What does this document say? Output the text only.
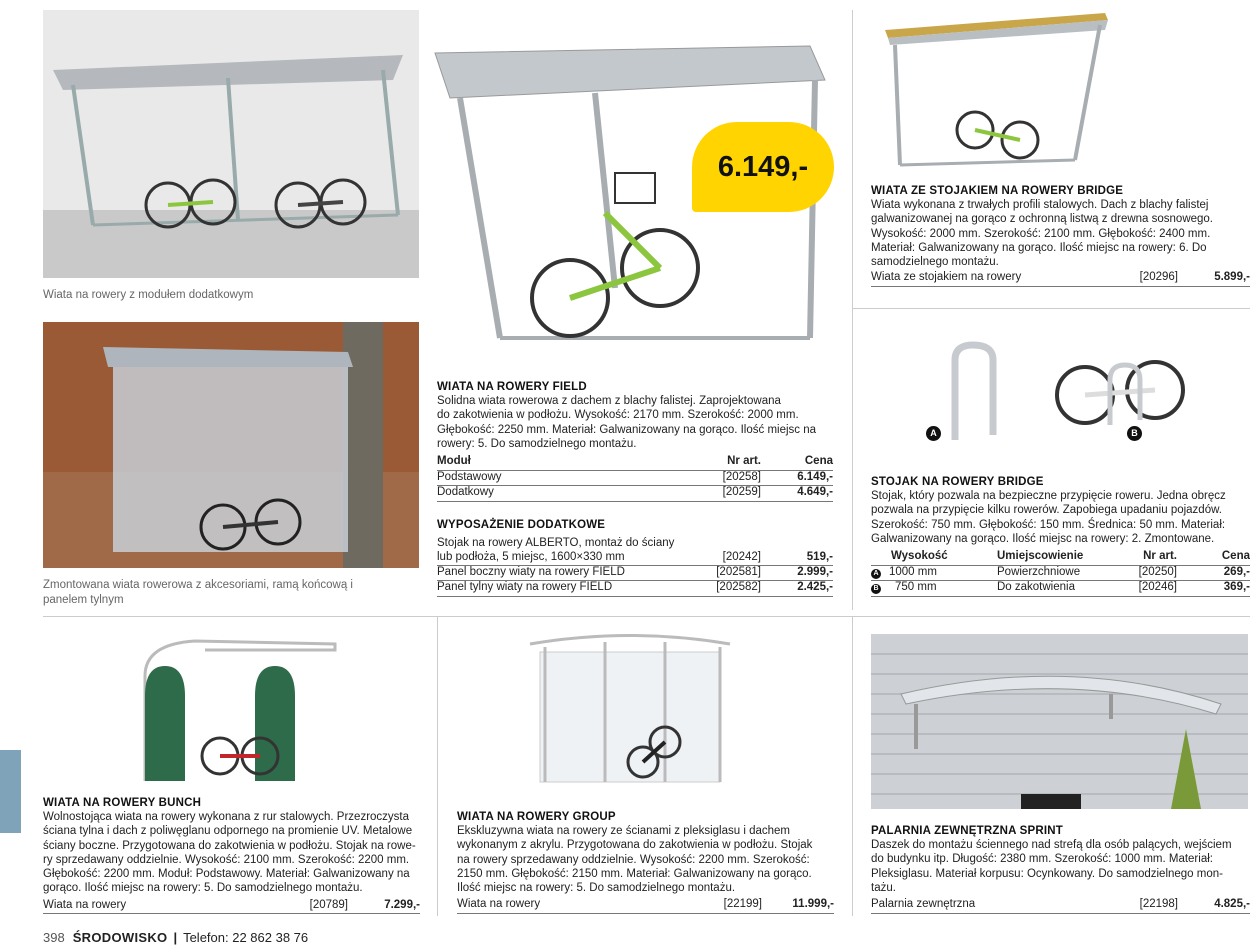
Wiata na rowery z modułem dodatkowym
Zmontowana wiata rowerowa z akcesoriami, ramą końcową i panelem tylnym
6.149,-
WIATA NA ROWERY FIELD
Solidna wiata rowerowa z dachem z blachy falistej. Zaprojektowana
do zakotwienia w podłożu. Wysokość: 2170 mm. Szerokość: 2000 mm.
Głębokość: 2250 mm. Materiał: Galwanizowany na gorąco. Ilość miejsc na
rowery: 5. Do samodzielnego montażu.
Moduł	Nr art.	Cena
Podstawowy	[20258]	6.149,-
Dodatkowy	[20259]	4.649,-
WYPOSAŻENIE DODATKOWE
Stojak na rowery ALBERTO, montaż do ściany
lub podłoża, 5 miejsc, 1600×330 mm	[20242]	519,-
Panel boczny wiaty na rowery FIELD	[202581]	2.999,-
Panel tylny wiaty na rowery FIELD	[202582]	2.425,-
WIATA ZE STOJAKIEM NA ROWERY BRIDGE
Wiata wykonana z trwałych profili stalowych. Dach z blachy falistej
galwanizowanej na gorąco z ochronną listwą z drewna sosnowego.
Wysokość: 2000 mm. Szerokość: 2100 mm. Głębokość: 2400 mm.
Materiał: Galwanizowany na gorąco. Ilość miejsc na rowery: 6. Do
samodzielnego montażu.
Wiata ze stojakiem na rowery	[20296]	5.899,-
A	B
STOJAK NA ROWERY BRIDGE
Stojak, który pozwala na bezpieczne przypięcie roweru. Jedna obręcz
pozwala na przypięcie kilku rowerów. Zapobiega upadaniu pojazdów.
Szerokość: 750 mm. Głębokość: 150 mm. Średnica: 50 mm. Materiał:
Galwanizowany na gorąco. Ilość miejsc na rowery: 2. Zmontowane.
Wysokość	Umiejscowienie	Nr art.	Cena
A 1000 mm	Powierzchniowe	[20250]	269,-
B 750 mm	Do zakotwienia	[20246]	369,-
WIATA NA ROWERY BUNCH
Wolnostojąca wiata na rowery wykonana z rur stalowych. Przezroczysta
ściana tylna i dach z poliwęglanu odpornego na promienie UV. Metalowe
ściany boczne. Przygotowana do zakotwienia w podłożu. Stojak na rowe-
ry sprzedawany oddzielnie. Wysokość: 2100 mm. Szerokość: 2200 mm.
Głębokość: 2200 mm. Moduł: Podstawowy. Materiał: Galwanizowany na
gorąco. Ilość miejsc na rowery: 5. Do samodzielnego montażu.
Wiata na rowery	[20789]	7.299,-
WIATA NA ROWERY GROUP
Ekskluzywna wiata na rowery ze ścianami z pleksiglasu i dachem
wykonanym z akrylu. Przygotowana do zakotwienia w podłożu. Stojak
na rowery sprzedawany oddzielnie. Wysokość: 2200 mm. Szerokość:
2150 mm. Głębokość: 2150 mm. Materiał: Galwanizowany na gorąco.
Ilość miejsc na rowery: 5. Do samodzielnego montażu.
Wiata na rowery	[22199]	11.999,-
PALARNIA ZEWNĘTRZNA SPRINT
Daszek do montażu ściennego nad strefą dla osób palących, wejściem
do budynku itp. Długość: 2380 mm. Szerokość: 1000 mm. Materiał:
Pleksiglasu. Materiał korpusu: Ocynkowany. Do samodzielnego mon-
tażu.
Palarnia zewnętrzna	[22198]	4.825,-
398 ŚRODOWISKO | Telefon: 22 862 38 76
